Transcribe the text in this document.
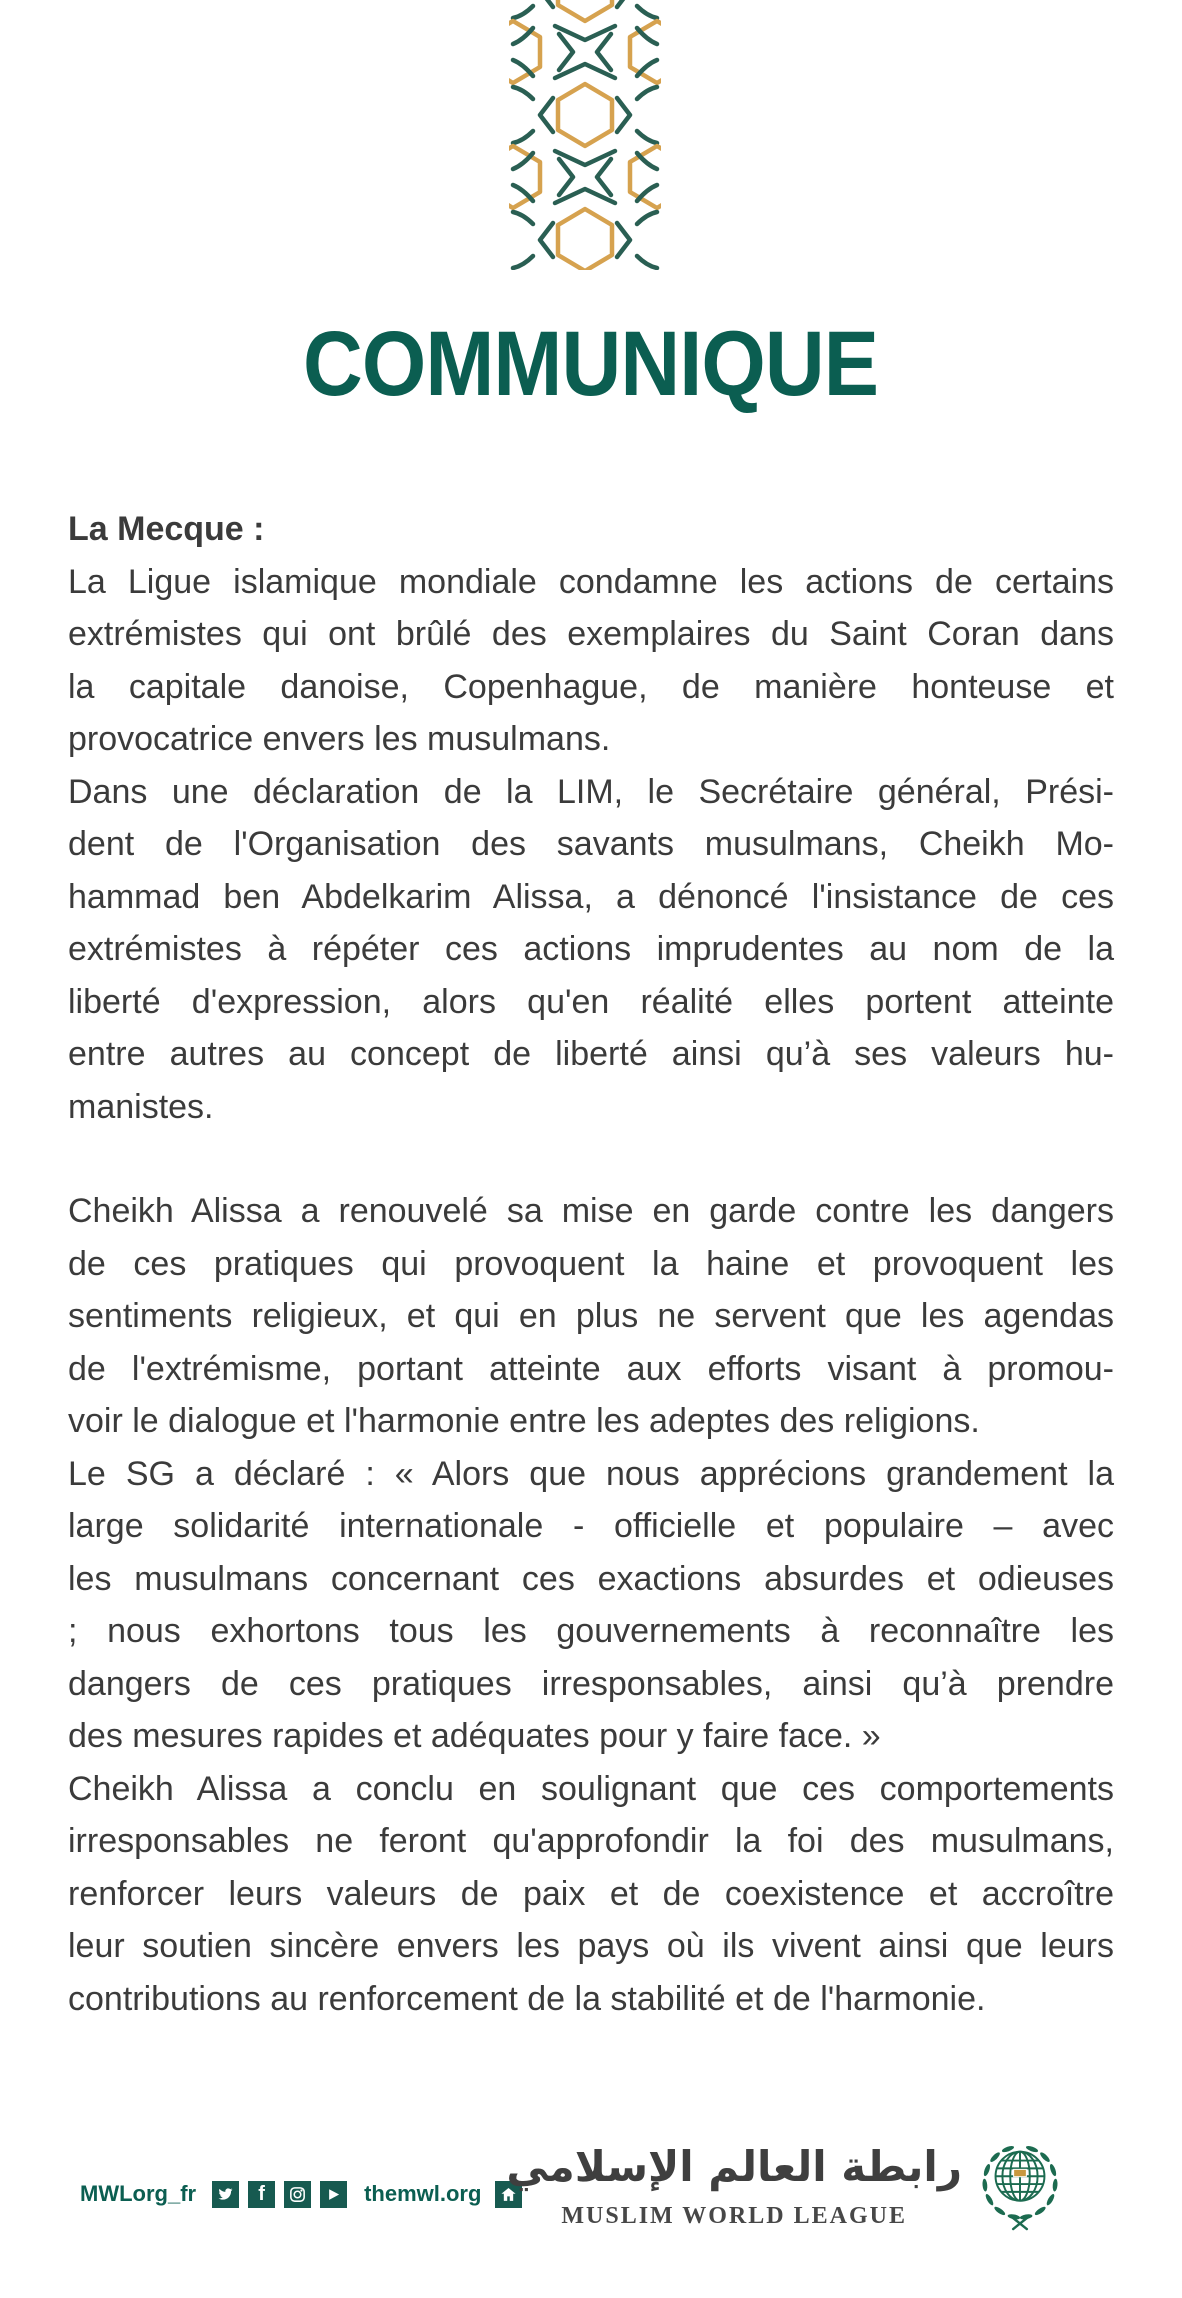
COMMUNIQUE
La Mecque :
La Ligue islamique mondiale condamne les actions de certains
extrémistes qui ont brûlé des exemplaires du Saint Coran dans
la capitale danoise, Copenhague, de manière honteuse et
provocatrice envers les musulmans.
Dans une déclaration de la LIM, le Secrétaire général, Prési-
dent de l'Organisation des savants musulmans, Cheikh Mo-
hammad ben Abdelkarim Alissa, a dénoncé l'insistance de ces
extrémistes à répéter ces actions imprudentes au nom de la
liberté d'expression, alors qu'en réalité elles portent atteinte
entre autres au concept de liberté ainsi qu’à ses valeurs hu-
manistes.
Cheikh Alissa a renouvelé sa mise en garde contre les dangers
de ces pratiques qui provoquent la haine et provoquent les
sentiments religieux, et qui en plus ne servent que les agendas
de l'extrémisme, portant atteinte aux efforts visant à promou-
voir le dialogue et l'harmonie entre les adeptes des religions.
Le SG a déclaré : « Alors que nous apprécions grandement la
large solidarité internationale - officielle et populaire – avec
les musulmans concernant ces exactions absurdes et odieuses
; nous exhortons tous les gouvernements à reconnaître les
dangers de ces pratiques irresponsables, ainsi qu’à prendre
des mesures rapides et adéquates pour y faire face. »
Cheikh Alissa a conclu en soulignant que ces comportements
irresponsables ne feront qu'approfondir la foi des musulmans,
renforcer leurs valeurs de paix et de coexistence et accroître
leur soutien sincère envers les pays où ils vivent ainsi que leurs
contributions au renforcement de la stabilité et de l'harmonie.
MWLorg_fr	f	themwl.org
رابطة العالم الإسلامي
MUSLIM WORLD LEAGUE
